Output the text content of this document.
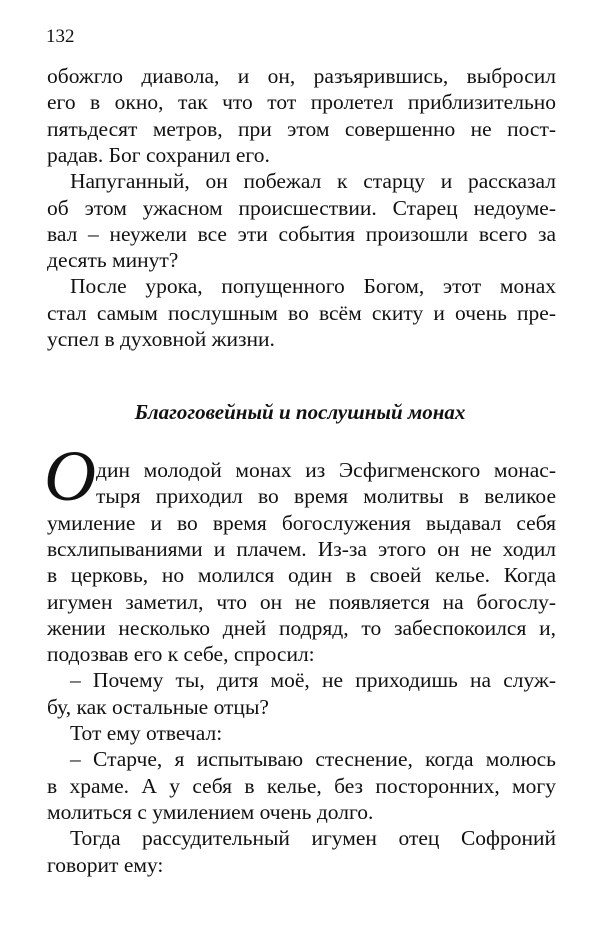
132
обожгло диавола, и он, разъярившись, выбросил
его в окно, так что тот пролетел приблизительно
пятьдесят метров, при этом совершенно не пост-
радав. Бог сохранил его.
Напуганный, он побежал к старцу и рассказал
об этом ужасном происшествии. Старец недоуме-
вал – неужели все эти события произошли всего за
десять минут?
После урока, попущенного Богом, этот монах
стал самым послушным во всём скиту и очень пре-
успел в духовной жизни.
Благоговейный и послушный монах
О дин молодой монах из Эсфигменского монас-
тыря приходил во время молитвы в великое
умиление и во время богослужения выдавал себя
всхлипываниями и плачем. Из-за этого он не ходил
в церковь, но молился один в своей келье. Когда
игумен заметил, что он не появляется на богослу-
жении несколько дней подряд, то забеспокоился и,
подозвав его к себе, спросил:
– Почему ты, дитя моё, не приходишь на служ-
бу, как остальные отцы?
Тот ему отвечал:
– Старче, я испытываю стеснение, когда молюсь
в храме. А у себя в келье, без посторонних, могу
молиться с умилением очень долго.
Тогда рассудительный игумен отец Софроний
говорит ему:
